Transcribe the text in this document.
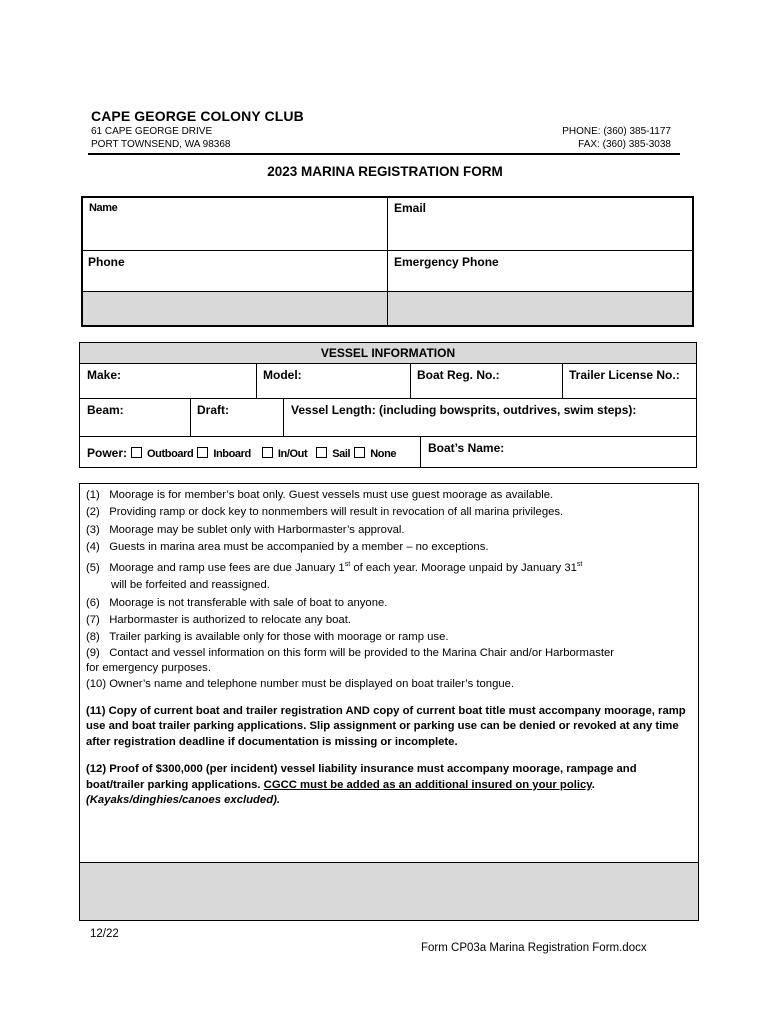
CAPE GEORGE COLONY CLUB
61 CAPE GEORGE DRIVE
PORT TOWNSEND, WA 98368
PHONE: (360) 385-1177
FAX: (360) 385-3038
2023 MARINA REGISTRATION FORM
Name	Email
Phone	Emergency Phone
VESSEL INFORMATION
Make:	Model:	Boat Reg. No.:	Trailer License No.:
Beam:	Draft:	Vessel Length: (including bowsprits, outdrives, swim steps):
Power: Outboard Inboard In/Out Sail None	Boat’s Name:

(1)   Moorage is for member’s boat only. Guest vessels must use guest moorage as available.

(2)   Providing ramp or dock key to nonmembers will result in revocation of all marina privileges.

(3)   Moorage may be sublet only with Harbormaster’s approval.

(4)   Guests in marina area must be accompanied by a member – no exceptions.

(5)   Moorage and ramp use fees are due January 1st of each year. Moorage unpaid by January 31st

will be forfeited and reassigned.

(6)   Moorage is not transferable with sale of boat to anyone.

(7)   Harbormaster is authorized to relocate any boat.

(8)   Trailer parking is available only for those with moorage or ramp use.

(9)   Contact and vessel information on this form will be provided to the Marina Chair and/or Harbormaster

for emergency purposes.

(10) Owner’s name and telephone number must be displayed on boat trailer’s tongue.

(11) Copy of current boat and trailer registration AND copy of current boat title must accompany moorage, ramp use and boat trailer parking applications. Slip assignment or parking use can be denied or revoked at any time after registration deadline if documentation is missing or incomplete.

(12) Proof of $300,000 (per incident) vessel liability insurance must accompany moorage, rampage and boat/trailer parking applications. CGCC must be added as an additional insured on your policy.
(Kayaks/dinghies/canoes excluded).

12/22
Form CP03a Marina Registration Form.docx
